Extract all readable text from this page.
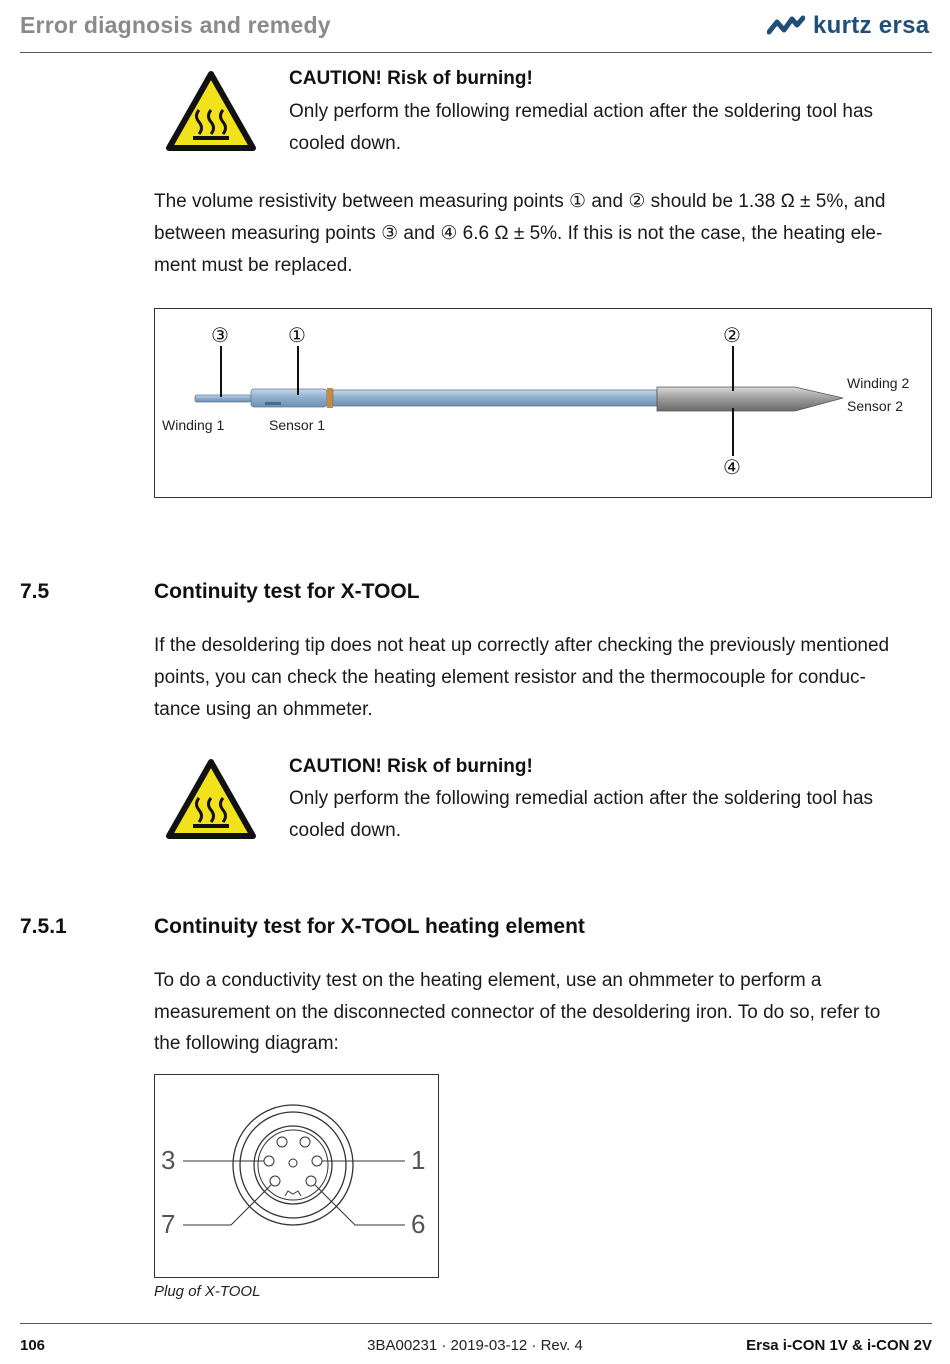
Error diagnosis and remedy	kurtz ersa
CAUTION! Risk of burning!
Only perform the following remedial action after the soldering tool has cooled down.
The volume resistivity between measuring points ① and ② should be 1.38 Ω ± 5%, and
between measuring points ③ and ④ 6.6 Ω ± 5%. If this is not the case, the heating ele-
ment must be replaced.
③	①	②
④
Winding 1	Sensor 1
Winding 2
Sensor 2
7.5	Continuity test for X-TOOL
If the desoldering tip does not heat up correctly after checking the previously mentioned
points, you can check the heating element resistor and the thermocouple for conduc-
tance using an ohmmeter.
CAUTION! Risk of burning!
Only perform the following remedial action after the soldering tool has cooled down.
7.5.1	Continuity test for X-TOOL heating element
To do a conductivity test on the heating element, use an ohmmeter to perform a
measurement on the disconnected connector of the desoldering iron. To do so, refer to
the following diagram:
3	1
7	6
Plug of X-TOOL
106	3BA00231 · 2019-03-12 · Rev. 4	Ersa i-CON 1V & i-CON 2V
